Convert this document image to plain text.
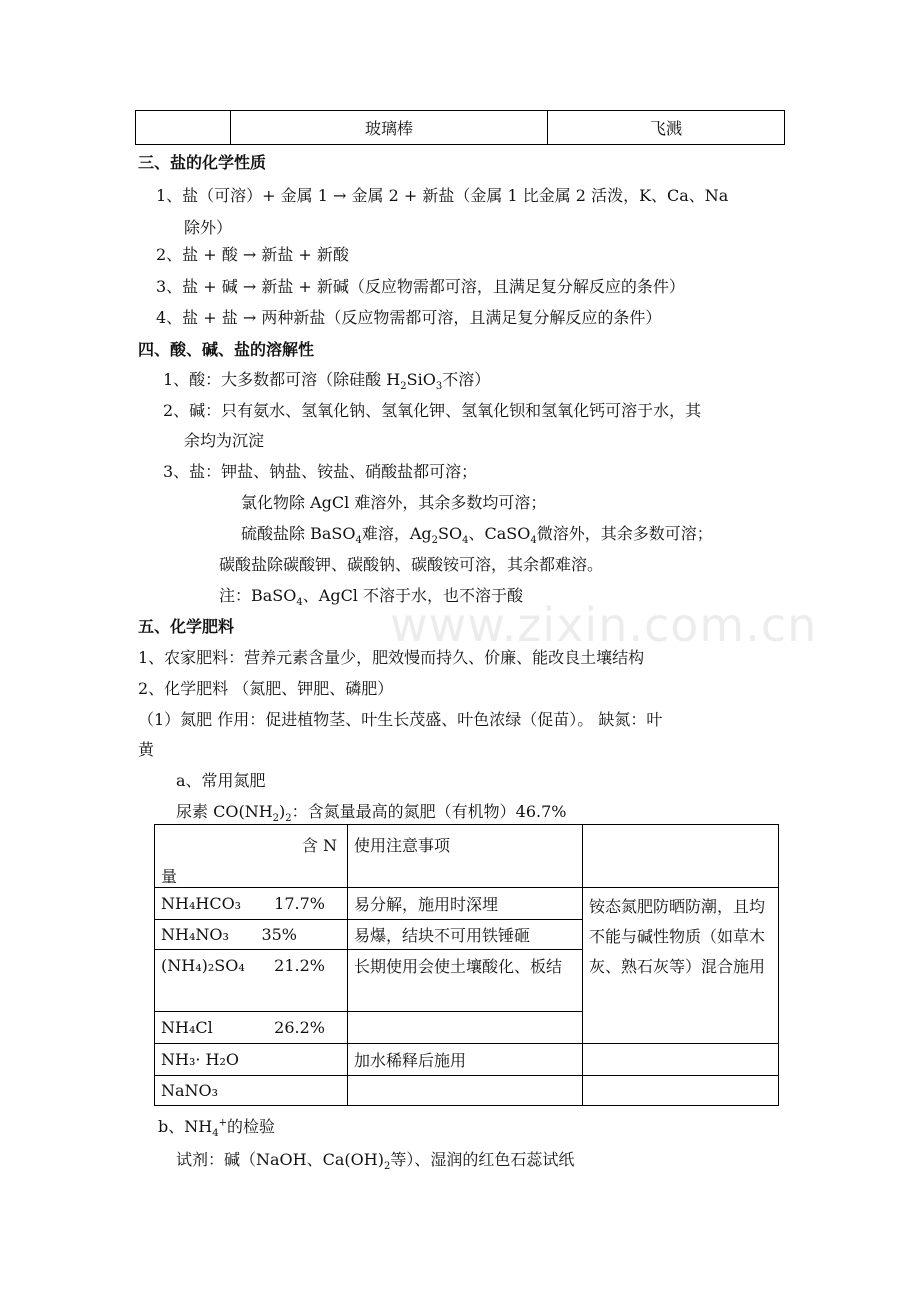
	玻璃棒	飞溅
三、盐的化学性质
1、盐（可溶）+ 金属 1 → 金属 2 + 新盐（金属 1 比金属 2 活泼，K、Ca、Na
除外）
2、盐 + 酸 → 新盐 + 新酸
3、盐 + 碱 → 新盐 + 新碱（反应物需都可溶，且满足复分解反应的条件）
4、盐 + 盐 → 两种新盐（反应物需都可溶，且满足复分解反应的条件）
四、酸、碱、盐的溶解性
1、酸：大多数都可溶（除硅酸 $H_2SiO_3$不溶）
2、碱：只有氨水、氢氧化钠、氢氧化钾、氢氧化钡和氢氧化钙可溶于水，其
余均为沉淀
3、盐：钾盐、钠盐、铵盐、硝酸盐都可溶；
氯化物除 AgCl 难溶外，其余多数均可溶；
硫酸盐除 BaSO$_4$难溶，$Ag_2SO_4$、CaSO$_4$微溶外，其余多数可溶；
碳酸盐除碳酸钾、碳酸钠、碳酸铵可溶，其余都难溶。
注：BaSO$_4$、AgCl 不溶于水，也不溶于酸
www.zixin.com.cn
五、化学肥料
1、农家肥料：营养元素含量少，肥效慢而持久、价廉、能改良土壤结构
2、化学肥料 （氮肥、钾肥、磷肥）
（1）氮肥 作用：促进植物茎、叶生长茂盛、叶色浓绿（促苗）。 缺氮：叶
黄
a、常用氮肥
尿素 $CO(NH_2)_2$：含氮量最高的氮肥（有机物）46.7%
含 N
量	使用注意事项	
NH₄HCO₃ 17.7%	易分解，施用时深埋	铵态氮肥防晒防潮，且均不能与碱性物质（如草木灰、熟石灰等）混合施用
NH₄NO₃ 35%	易爆，结块不可用铁锤砸	
(NH₄)₂SO₄ 21.2%	长期使用会使土壤酸化、板结	
NH₄Cl 26.2%		

NH₃· H₂O	加水稀释后施用	
NaNO₃		
b、$NH_4^+$的检验
试剂：碱（NaOH、$Ca(OH)_2$等）、湿润的红色石蕊试纸
